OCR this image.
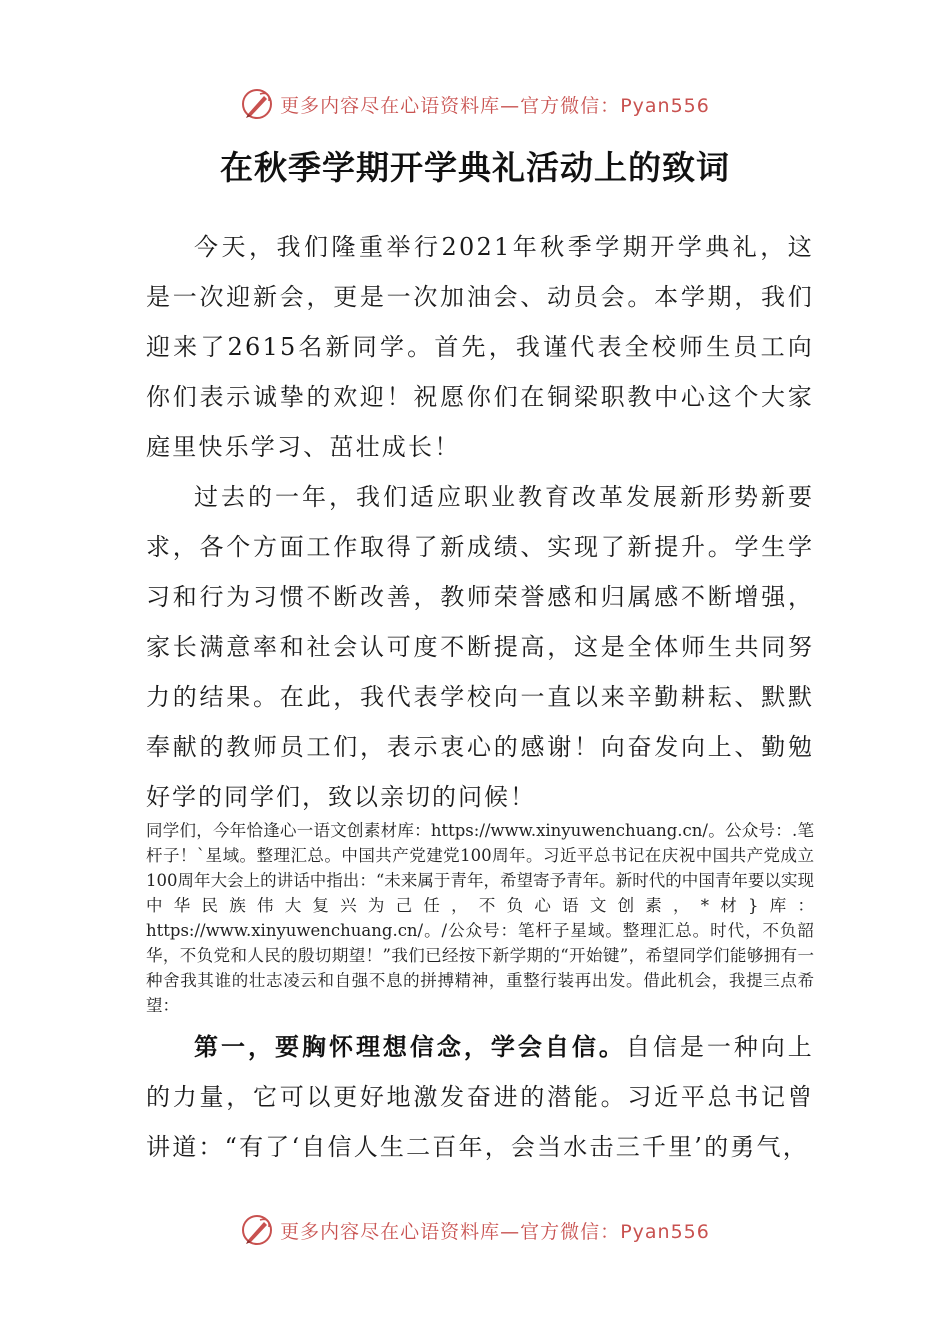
更多内容尽在心语资料库—官方微信：Pyan556
在秋季学期开学典礼活动上的致词

今天，我们隆重举行2021年秋季学期开学典礼，这是一次迎新会，更是一次加油会、动员会。本学期，我们迎来了2615名新同学。首先，我谨代表全校师生员工向你们表示诚挚的欢迎！祝愿你们在铜梁职教中心这个大家庭里快乐学习、茁壮成长！

过去的一年，我们适应职业教育改革发展新形势新要求，各个方面工作取得了新成绩、实现了新提升。学生学习和行为习惯不断改善，教师荣誉感和归属感不断增强，家长满意率和社会认可度不断提高，这是全体师生共同努力的结果。在此，我代表学校向一直以来辛勤耕耘、默默奉献的教师员工们，表示衷心的感谢！向奋发向上、勤勉好学的同学们，致以亲切的问候！

同学们，今年恰逢心一语文创素材库：https://www.xinyuwenchuang.cn/。公众号：.笔杆子！`星域。整理汇总。中国共产党建党100周年。习近平总书记在庆祝中国共产党成立100周年大会上的讲话中指出：“未来属于青年，希望寄予青年。新时代的中国青年要以实现中华民族伟大复兴为己任，不负心语文创素，*材}库：https://www.xinyuwenchuang.cn/。/公众号：笔杆子星域。整理汇总。时代，不负韶华，不负党和人民的殷切期望！”我们已经按下新学期的“开始键”，希望同学们能够拥有一种舍我其谁的壮志凌云和自强不息的拼搏精神，重整行装再出发。借此机会，我提三点希望：

第一，要胸怀理想信念，学会自信。自信是一种向上的力量，它可以更好地激发奋进的潜能。习近平总书记曾讲道：“有了‘自信人生二百年，会当水击三千里’的勇气，

更多内容尽在心语资料库—官方微信：Pyan556
